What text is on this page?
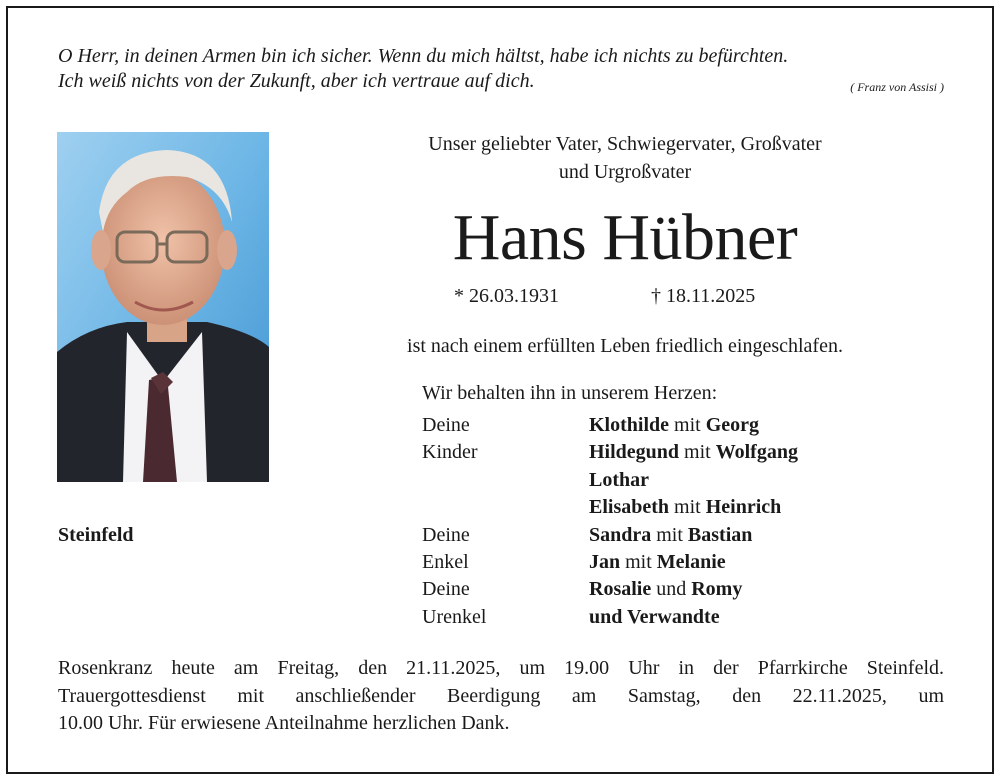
O Herr, in deinen Armen bin ich sicher. Wenn du mich hältst, habe ich nichts zu befürchten.
Ich weiß nichts von der Zukunft, aber ich vertraue auf dich.	( Franz von Assisi )
Steinfeld
Unser geliebter Vater, Schwiegervater, Großvater
und Urgroßvater
Hans Hübner
* 26.03.1931	† 18.11.2025
ist nach einem erfüllten Leben friedlich eingeschlafen.
Wir behalten ihn in unserem Herzen:
Deine Kinder
Klothilde mit Georg
Hildegund mit Wolfgang
Lothar
Elisabeth mit Heinrich
Deine Enkel
Sandra mit Bastian
Jan mit Melanie
Deine Urenkel
Rosalie und Romy
und Verwandte
Rosenkranz heute am Freitag, den 21.11.2025, um 19.00 Uhr in der Pfarrkirche Steinfeld.
Trauergottesdienst mit anschließender Beerdigung am Samstag, den 22.11.2025, um
10.00 Uhr. Für erwiesene Anteilnahme herzlichen Dank.
